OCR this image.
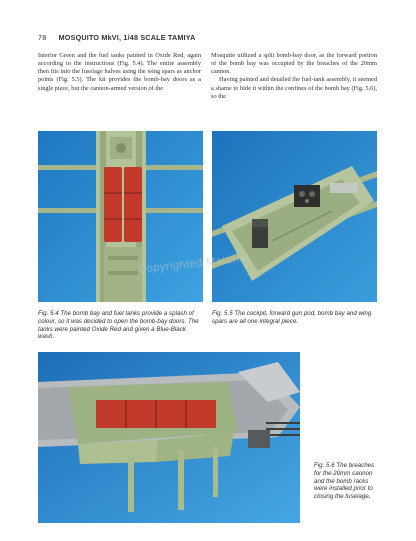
78 MOSQUITO MkVI, 1/48 SCALE TAMIYA

Interior Green and the fuel tanks painted in Oxide Red, again according to the instructions (Fig. 5.4). The entire assembly then fits into the fuselage halves using the wing spars as anchor points (Fig. 5.5). The kit provides the bomb-bay doors as a single piece, but the cannon-armed version of the

Mosquito utilized a split bomb-bay door, as the forward portion of the bomb bay was occupied by the breaches of the 20mm cannon.

Having painted and detailed the fuel-tank assembly, it seemed a shame to hide it within the confines of the bomb bay (Fig. 5.6), so the

Fig. 5.4 The bomb bay and fuel tanks provide a splash of colour, so it was decided to open the bomb-bay doors. The tanks were painted Oxide Red and given a Blue-Black wash.
Fig. 5.5 The cockpit, forward gun pod, bomb bay and wing spars are all one integral piece.
Fig. 5.6 The breaches for the 20mm cannon and the bomb racks were installed prior to closing the fuselage.
Copyrighted Material
